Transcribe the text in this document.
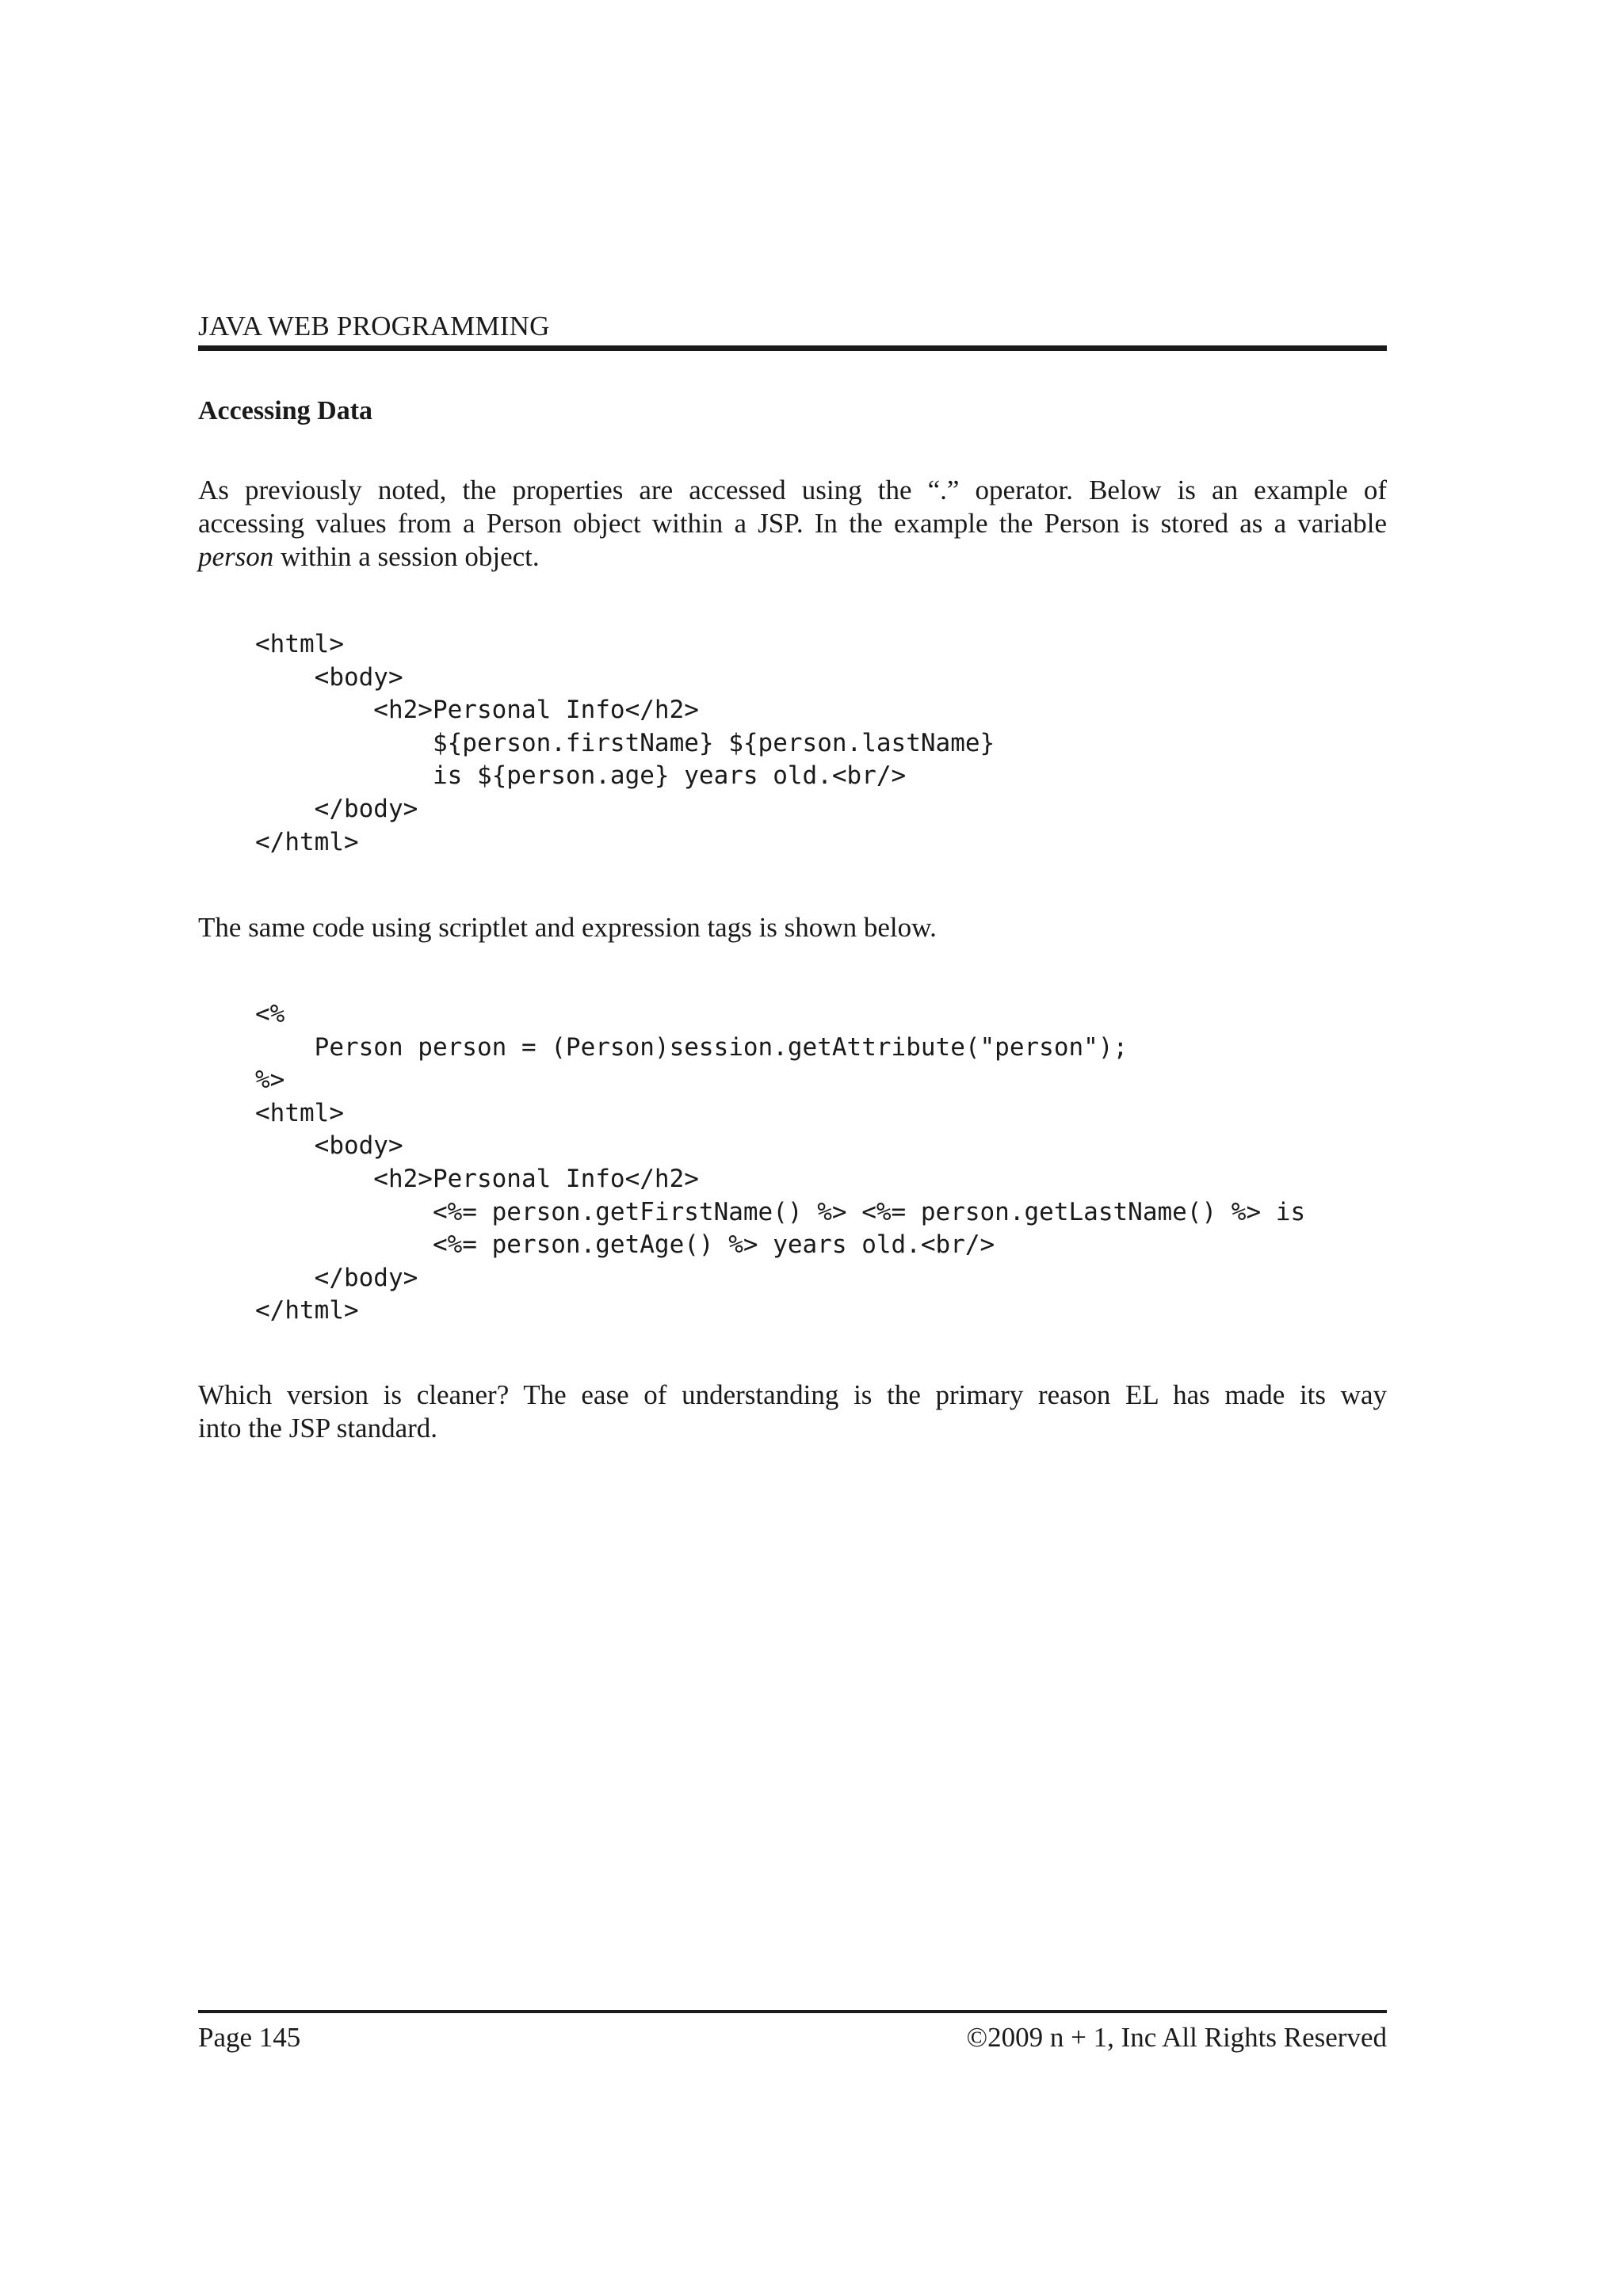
JAVA WEB PROGRAMMING
Accessing Data
As previously noted, the properties are accessed using the “.” operator. Below is an example of
accessing values from a Person object within a JSP. In the example the Person is stored as a variable
person within a session object.
<html>
<body>
<h2>Personal Info</h2>
${person.firstName} ${person.lastName}
is ${person.age} years old.<br/>
</body>
</html>
The same code using scriptlet and expression tags is shown below.
<%
Person person = (Person)session.getAttribute("person");
%>
<html>
<body>
<h2>Personal Info</h2>
<%= person.getFirstName() %> <%= person.getLastName() %> is
<%= person.getAge() %> years old.<br/>
</body>
</html>
Which version is cleaner? The ease of understanding is the primary reason EL has made its way
into the JSP standard.
Page 145	©2009 n + 1, Inc All Rights Reserved
